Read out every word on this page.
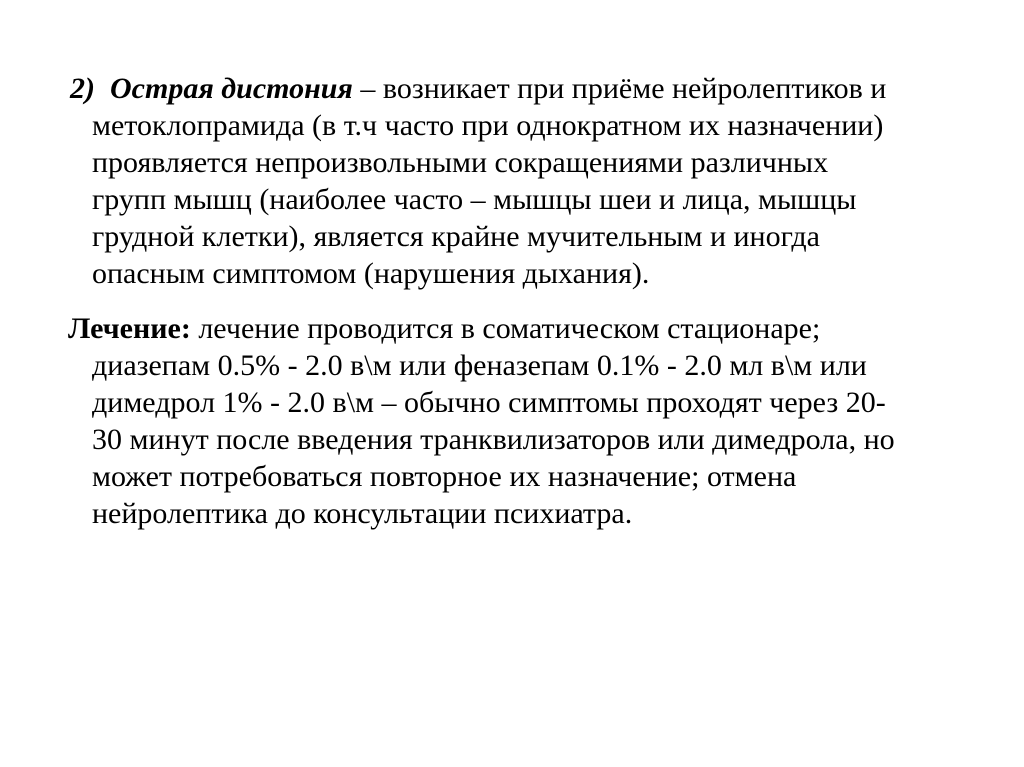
2) Острая дистония – возникает при приёме нейролептиков и
метоклопрамида (в т.ч часто при однократном их назначении)
проявляется непроизвольными сокращениями различных
групп мышц (наиболее часто – мышцы шеи и лица, мышцы
грудной клетки), является крайне мучительным и иногда
опасным симптомом (нарушения дыхания).
Лечение: лечение проводится в соматическом стационаре;
диазепам 0.5% - 2.0 в\м или феназепам 0.1% - 2.0 мл в\м или
димедрол 1% - 2.0 в\м – обычно симптомы проходят через 20-
30 минут после введения транквилизаторов или димедрола, но
может потребоваться повторное их назначение; отмена
нейролептика до консультации психиатра.
